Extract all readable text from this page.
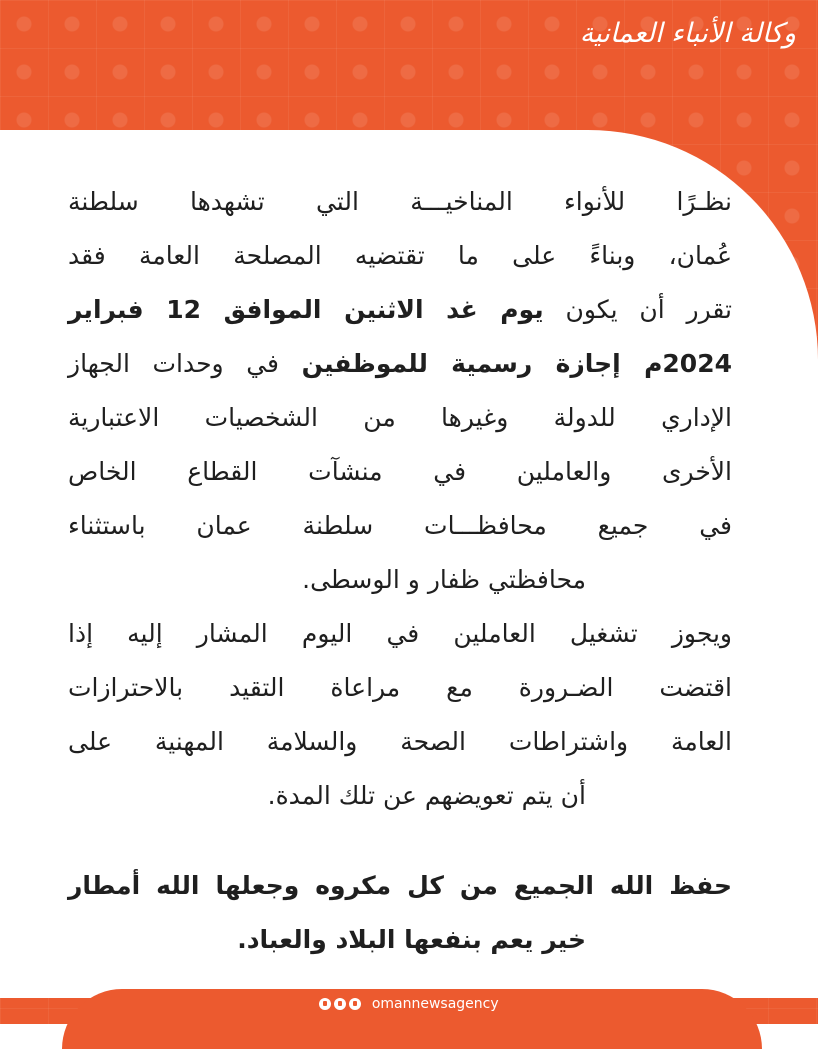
وكالة الأنباء العمانية
نظـرًا للأنواء المناخيـــة التي تشهدها سلطنة
عُمان، وبناءً على ما تقتضيه المصلحة العامة فقد
تقرر أن يكون يوم غد الاثنين الموافق 12 فبراير
2024م إجازة رسمية للموظفين في وحدات الجهاز
الإداري للدولة وغيرها من الشخصيات الاعتبارية
الأخرى والعاملين في منشآت القطاع الخاص
في جميع محافظـــات سلطنة عمان باستثناء
محافظتي ظفار و الوسطى.
ويجوز تشغيل العاملين في اليوم المشار إليه إذا
اقتضت الضـرورة مع مراعاة التقيد بالاحترازات
العامة واشتراطات الصحة والسلامة المهنية على
أن يتم تعويضهم عن تلك المدة.
حفظ الله الجميع من كل مكروه وجعلها الله أمطار
خير يعم بنفعها البلاد والعباد.
omannewsagency
